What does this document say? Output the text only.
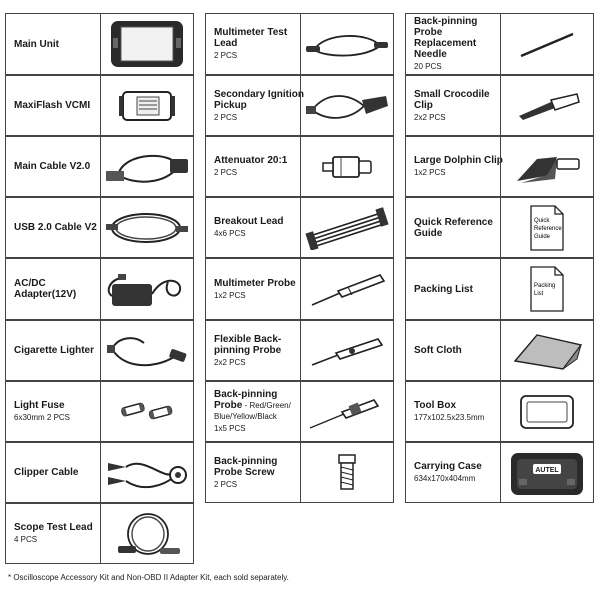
Main Unit
MaxiFlash VCMI
Main Cable V2.0
USB 2.0 Cable V2
AC/DC Adapter(12V)
Cigarette Lighter
Light Fuse
6x30mm 2 PCS
Clipper Cable
Scope Test Lead
4 PCS
Multimeter Test Lead
2 PCS
Secondary Ignition Pickup
2 PCS
Attenuator 20:1
2 PCS
Breakout Lead
4x6 PCS
Multimeter Probe
1x2 PCS
Flexible Back-pinning Probe
2x2 PCS
Back-pinning Probe - Red/Green/ Blue/Yellow/Black
1x5 PCS
Back-pinning Probe Screw
2 PCS
Back-pinning Probe Replacement Needle
20 PCS
Small Crocodile Clip
2x2 PCS
Large Dolphin Clip
1x2 PCS
Quick Reference Guide
Quick
Reference
Guide
Packing List	Packing
List
Soft Cloth
Tool Box
177x102.5x23.5mm
Carrying Case
634x170x404mm
AUTEL
* Oscilloscope Accessory Kit and Non-OBD II Adapter Kit, each sold separately.
